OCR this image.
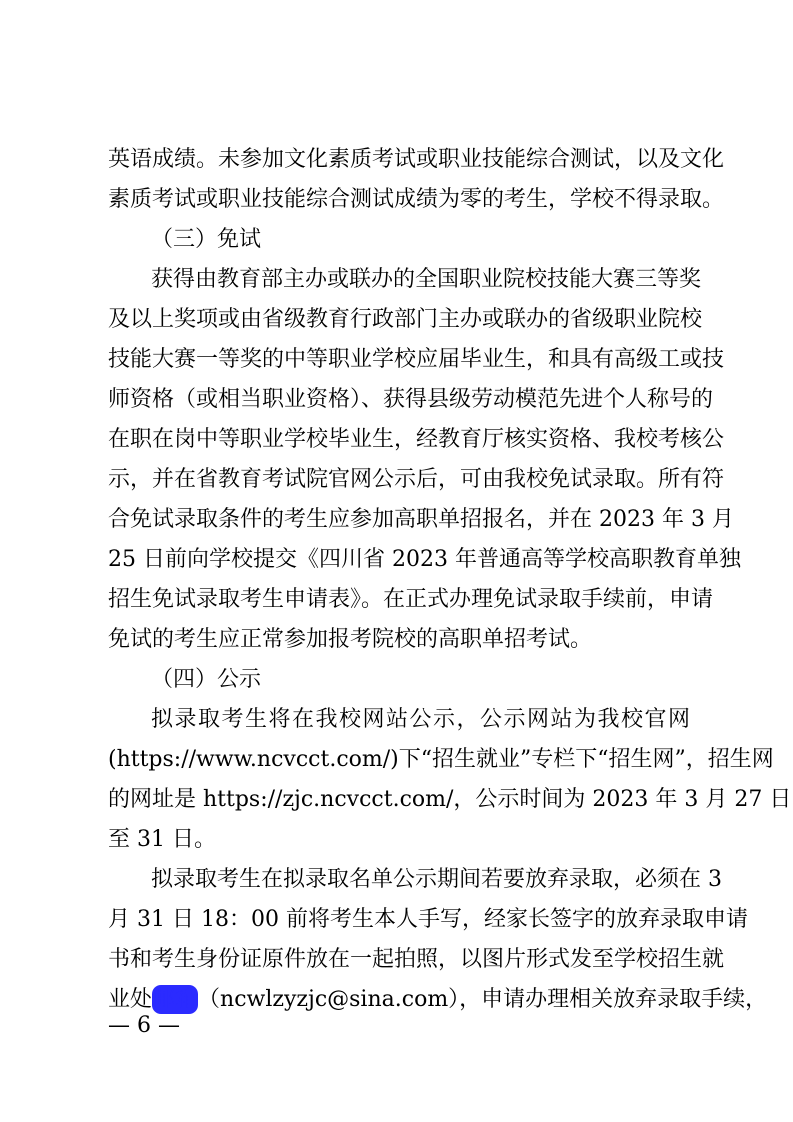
英语成绩。未参加文化素质考试或职业技能综合测试，以及文化
素质考试或职业技能综合测试成绩为零的考生，学校不得录取。
（三）免试
获得由教育部主办或联办的全国职业院校技能大赛三等奖
及以上奖项或由省级教育行政部门主办或联办的省级职业院校
技能大赛一等奖的中等职业学校应届毕业生，和具有高级工或技
师资格（或相当职业资格）、获得县级劳动模范先进个人称号的
在职在岗中等职业学校毕业生，经教育厅核实资格、我校考核公
示，并在省教育考试院官网公示后，可由我校免试录取。所有符
合免试录取条件的考生应参加高职单招报名，并在 2023 年 3 月
25 日前向学校提交《四川省 2023 年普通高等学校高职教育单独
招生免试录取考生申请表》。在正式办理免试录取手续前，申请
免试的考生应正常参加报考院校的高职单招考试。
（四）公示
拟录取考生将在我校网站公示，公示网站为我校官网
(https://www.ncvcct.com/)下“招生就业”专栏下“招生网”，招生网
的网址是 https://zjc.ncvcct.com/，公示时间为 2023 年 3 月 27 日
至 31 日。
拟录取考生在拟录取名单公示期间若要放弃录取，必须在 3
月 31 日 18：00 前将考生本人手写，经家长签字的放弃录取申请
书和考生身份证原件放在一起拍照，以图片形式发至学校招生就
业处邮箱（ncwlzyzjc@sina.com），申请办理相关放弃录取手续，
— 6 —
